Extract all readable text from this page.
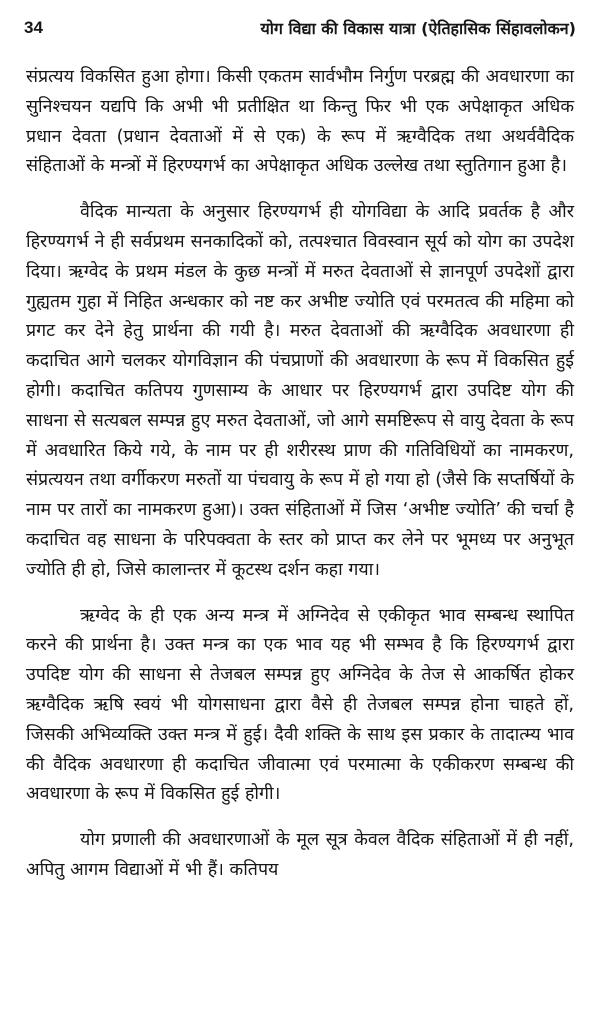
34	योग विद्या की विकास यात्रा (ऐतिहासिक सिंहावलोकन)

संप्रत्यय विकसित हुआ होगा। किसी एकतम सार्वभौम निर्गुण परब्रह्म की अवधारणा का सुनिश्चयन यद्यपि कि अभी भी प्रतीक्षित था किन्तु फिर भी एक अपेक्षाकृत अधिक प्रधान देवता (प्रधान देवताओं में से एक) के रूप में ऋग्वैदिक तथा अथर्ववैदिक संहिताओं के मन्त्रों में हिरण्यगर्भ का अपेक्षाकृत अधिक उल्लेख तथा स्तुतिगान हुआ है।

वैदिक मान्यता के अनुसार हिरण्यगर्भ ही योगविद्या के आदि प्रवर्तक है और हिरण्यगर्भ ने ही सर्वप्रथम सनकादिकों को, तत्पश्चात विवस्वान सूर्य को योग का उपदेश दिया। ऋग्वेद के प्रथम मंडल के कुछ मन्त्रों में मरुत देवताओं से ज्ञानपूर्ण उपदेशों द्वारा गुह्यतम गुहा में निहित अन्धकार को नष्ट कर अभीष्ट ज्योति एवं परमतत्व की महिमा को प्रगट कर देने हेतु प्रार्थना की गयी है। मरुत देवताओं की ऋग्वैदिक अवधारणा ही कदाचित आगे चलकर योगविज्ञान की पंचप्राणों की अवधारणा के रूप में विकसित हुई होगी। कदाचित कतिपय गुणसाम्य के आधार पर हिरण्यगर्भ द्वारा उपदिष्ट योग की साधना से सत्यबल सम्पन्न हुए मरुत देवताओं, जो आगे समष्टिरूप से वायु देवता के रूप में अवधारित किये गये, के नाम पर ही शरीरस्थ प्राण की गतिविधियों का नामकरण, संप्रत्ययन तथा वर्गीकरण मरुतों या पंचवायु के रूप में हो गया हो (जैसे कि सप्तर्षियों के नाम पर तारों का नामकरण हुआ)। उक्त संहिताओं में जिस ‘अभीष्ट ज्योति’ की चर्चा है कदाचित वह साधना के परिपक्वता के स्तर को प्राप्त कर लेने पर भूमध्य पर अनुभूत ज्योति ही हो, जिसे कालान्तर में कूटस्थ दर्शन कहा गया।

ऋग्वेद के ही एक अन्य मन्त्र में अग्निदेव से एकीकृत भाव सम्बन्ध स्थापित करने की प्रार्थना है। उक्त मन्त्र का एक भाव यह भी सम्भव है कि हिरण्यगर्भ द्वारा उपदिष्ट योग की साधना से तेजबल सम्पन्न हुए अग्निदेव के तेज से आकर्षित होकर ऋग्वैदिक ऋषि स्वयं भी योगसाधना द्वारा वैसे ही तेजबल सम्पन्न होना चाहते हों, जिसकी अभिव्यक्ति उक्त मन्त्र में हुई। दैवी शक्ति के साथ इस प्रकार के तादात्म्य भाव की वैदिक अवधारणा ही कदाचित जीवात्मा एवं परमात्मा के एकीकरण सम्बन्ध की अवधारणा के रूप में विकसित हुई होगी।

योग प्रणाली की अवधारणाओं के मूल सूत्र केवल वैदिक संहिताओं में ही नहीं, अपितु आगम विद्याओं में भी हैं। कतिपय
